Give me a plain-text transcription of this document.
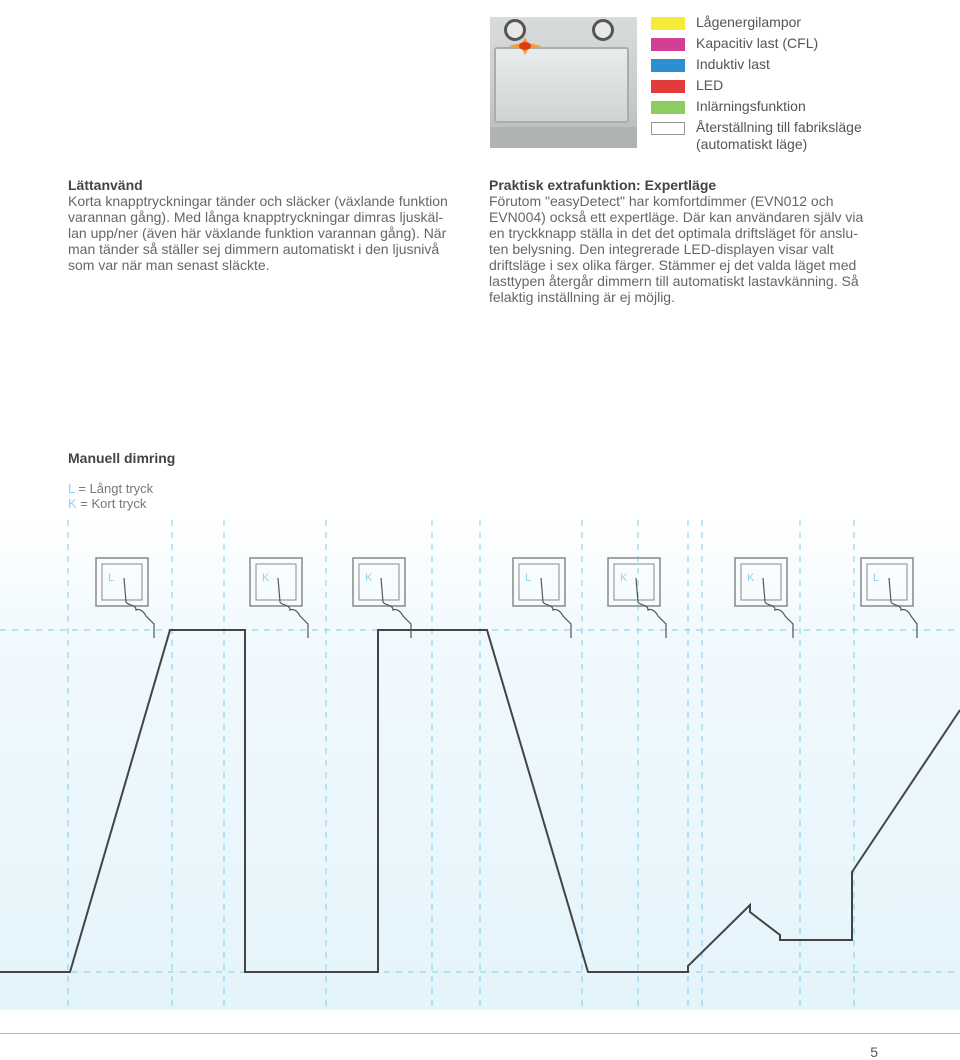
Lågenergilampor
Kapacitiv last (CFL)
Induktiv last
LED
Inlärningsfunktion
Återställning till fabriksläge
(automatiskt läge)
Lättanvänd

Korta knapptryckningar tänder och släcker (växlande funktion

varannan gång). Med långa knapptryckningar dimras ljuskäl-

lan upp/ner (även här växlande funktion varannan gång). När

man tänder så ställer sej dimmern automatiskt i den ljusnivå

som var när man senast släckte.

Praktisk extrafunktion: Expertläge

Förutom "easyDetect" har komfortdimmer (EVN012 och

EVN004) också ett expertläge. Där kan användaren själv via

en tryckknapp ställa in det det optimala driftsläget för anslu-

ten belysning. Den integrerade LED-displayen visar valt

driftsläge i sex olika färger. Stämmer ej det valda läget med

lasttypen återgår dimmern till automatiskt lastavkänning. Så

felaktig inställning är ej möjlig.

Manuell dimring
L = Långt tryck
K = Kort tryck
L	K	K	L	K	K	L
5
